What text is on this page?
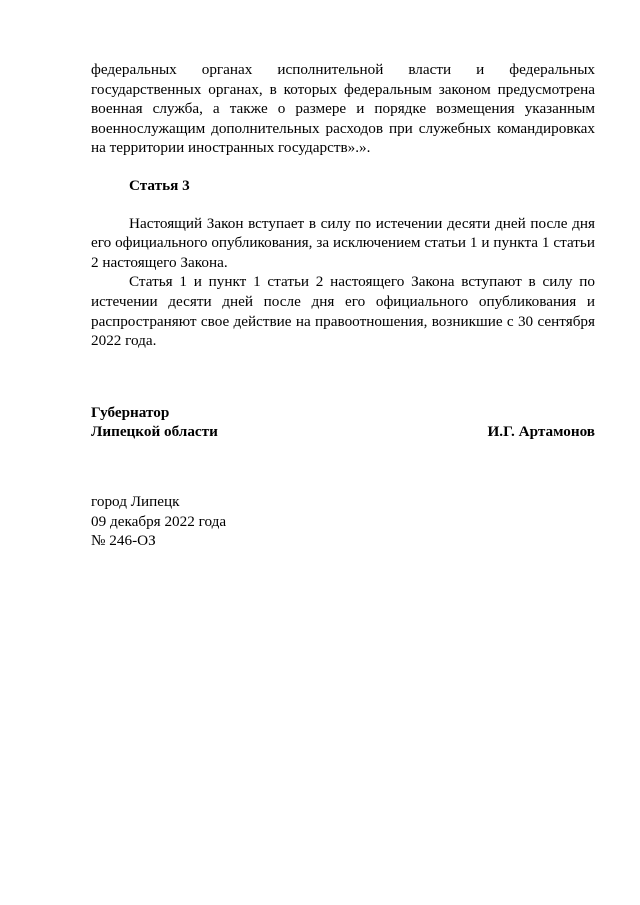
федеральных органах исполнительной власти и федеральных государственных органах, в которых федеральным законом предусмотрена военная служба, а также о размере и порядке возмещения указанным военнослужащим дополнительных расходов при служебных командировках на территории иностранных государств».».

Статья 3

Настоящий Закон вступает в силу по истечении десяти дней после дня его официального опубликования, за исключением статьи 1 и пункта 1 статьи 2 настоящего Закона.

Статья 1 и пункт 1 статьи 2 настоящего Закона вступают в силу по истечении десяти дней после дня его официального опубликования и распространяют свое действие на правоотношения, возникшие с 30 сентября 2022 года.

Губернатор
Липецкой области	И.Г. Артамонов
город Липецк
09 декабря 2022 года
№ 246-ОЗ
